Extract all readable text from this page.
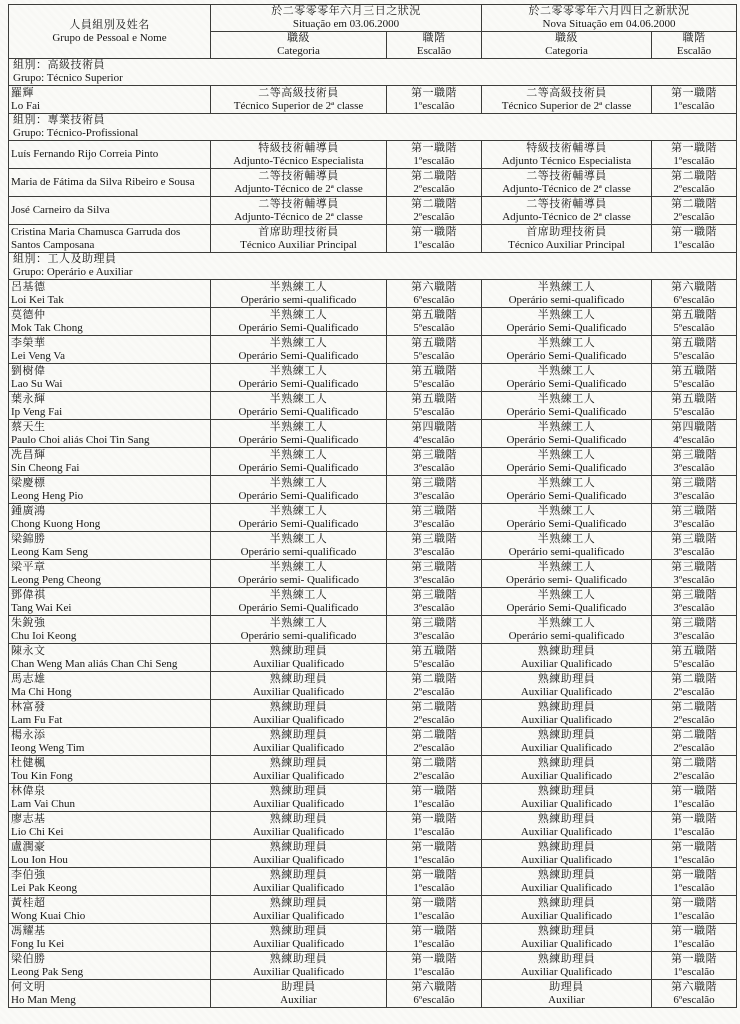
人員組別及姓名
Grupo de Pessoal e Nome	於二零零零年六月三日之狀況
Situação em 03.06.2000		於二零零零年六月四日之新狀況
Nova Situação em 04.06.2000	

	職級
Categoria	職階
Escalão	職級
Categoria	職階
Escalão

組別：高級技術員
Grupo: Técnico Superior				

羅輝
Lo Fai	二等高級技術員
Técnico Superior de 2ª classe	第一職階
1ºescalão	二等高級技術員
Técnico Superior de 2ª classe	第一職階
1ºescalão

組別：專業技術員
Grupo: Técnico-Profissional				

Luís Fernando Rijo Correia Pinto	特級技術輔導員
Adjunto-Técnico Especialista	第一職階
1ºescalão	特級技術輔導員
Adjunto Técnico Especialista	第一職階
1ºescalão

Maria de Fátima da Silva Ribeiro e Sousa	二等技術輔導員
Adjunto-Técnico de 2ª classe	第二職階
2ºescalão	二等技術輔導員
Adjunto-Técnico de 2ª classe	第二職階
2ºescalão

José Carneiro da Silva	二等技術輔導員
Adjunto-Técnico de 2ª classe	第二職階
2ºescalão	二等技術輔導員
Adjunto-Técnico de 2ª classe	第二職階
2ºescalão

Cristina Maria Chamusca Garruda dos Santos Camposana	首席助理技術員
Técnico Auxiliar Principal	第一職階
1ºescalão	首席助理技術員
Técnico Auxiliar Principal	第一職階
1ºescalão

組別：工人及助理員
Grupo: Operário e Auxiliar				

呂基德
Loi Kei Tak	半熟練工人
Operário semi-qualificado	第六職階
6ºescalão	半熟練工人
Operário semi-qualificado	第六職階
6ºescalão

莫德仲
Mok Tak Chong	半熟練工人
Operário Semi-Qualificado	第五職階
5ºescalão	半熟練工人
Operário Semi-Qualificado	第五職階
5ºescalão

李榮華
Lei Veng Va	半熟練工人
Operário Semi-Qualificado	第五職階
5ºescalão	半熟練工人
Operário Semi-Qualificado	第五職階
5ºescalão

劉樹偉
Lao Su Wai	半熟練工人
Operário Semi-Qualificado	第五職階
5ºescalão	半熟練工人
Operário Semi-Qualificado	第五職階
5ºescalão

葉永輝
Ip Veng Fai	半熟練工人
Operário Semi-Qualificado	第五職階
5ºescalão	半熟練工人
Operário Semi-Qualificado	第五職階
5ºescalão

蔡天生
Paulo Choi aliás Choi Tin Sang	半熟練工人
Operário Semi-Qualificado	第四職階
4ºescalão	半熟練工人
Operário Semi-Qualificado	第四職階
4ºescalão

冼昌輝
Sin Cheong Fai	半熟練工人
Operário Semi-Qualificado	第三職階
3ºescalão	半熟練工人
Operário Semi-Qualificado	第三職階
3ºescalão

梁慶標
Leong Heng Pio	半熟練工人
Operário Semi-Qualificado	第三職階
3ºescalão	半熟練工人
Operário Semi-Qualificado	第三職階
3ºescalão

鍾廣鴻
Chong Kuong Hong	半熟練工人
Operário Semi-Qualificado	第三職階
3ºescalão	半熟練工人
Operário Semi-Qualificado	第三職階
3ºescalão

梁錦勝
Leong Kam Seng	半熟練工人
Operário semi-qualificado	第三職階
3ºescalão	半熟練工人
Operário semi-qualificado	第三職階
3ºescalão

梁平章
Leong Peng Cheong	半熟練工人
Operário semi- Qualificado	第三職階
3ºescalão	半熟練工人
Operário semi- Qualificado	第三職階
3ºescalão

鄧偉祺
Tang Wai Kei	半熟練工人
Operário Semi-Qualificado	第三職階
3ºescalão	半熟練工人
Operário Semi-Qualificado	第三職階
3ºescalão

朱銳強
Chu Ioi Keong	半熟練工人
Operário semi-qualificado	第三職階
3ºescalão	半熟練工人
Operário semi-qualificado	第三職階
3ºescalão

陳永文
Chan Weng Man aliás Chan Chi Seng	熟練助理員
Auxiliar Qualificado	第五職階
5ºescalão	熟練助理員
Auxiliar Qualificado	第五職階
5ºescalão

馬志雄
Ma Chi Hong	熟練助理員
Auxiliar Qualificado	第二職階
2ºescalão	熟練助理員
Auxiliar Qualificado	第二職階
2ºescalão

林富發
Lam Fu Fat	熟練助理員
Auxiliar Qualificado	第二職階
2ºescalão	熟練助理員
Auxiliar Qualificado	第二職階
2ºescalão

楊永添
Ieong Weng Tim	熟練助理員
Auxiliar Qualificado	第二職階
2ºescalão	熟練助理員
Auxiliar Qualificado	第二職階
2ºescalão

杜健楓
Tou Kin Fong	熟練助理員
Auxiliar Qualificado	第二職階
2ºescalão	熟練助理員
Auxiliar Qualificado	第二職階
2ºescalão

林偉泉
Lam Vai Chun	熟練助理員
Auxiliar Qualificado	第一職階
1ºescalão	熟練助理員
Auxiliar Qualificado	第一職階
1ºescalão

廖志基
Lio Chi Kei	熟練助理員
Auxiliar Qualificado	第一職階
1ºescalão	熟練助理員
Auxiliar Qualificado	第一職階
1ºescalão

盧潤豪
Lou Ion Hou	熟練助理員
Auxiliar Qualificado	第一職階
1ºescalão	熟練助理員
Auxiliar Qualificado	第一職階
1ºescalão

李伯強
Lei Pak Keong	熟練助理員
Auxiliar Qualificado	第一職階
1ºescalão	熟練助理員
Auxiliar Qualificado	第一職階
1ºescalão

黃桂超
Wong Kuai Chio	熟練助理員
Auxiliar Qualificado	第一職階
1ºescalão	熟練助理員
Auxiliar Qualificado	第一職階
1ºescalão

馮耀基
Fong Iu Kei	熟練助理員
Auxiliar Qualificado	第一職階
1ºescalão	熟練助理員
Auxiliar Qualificado	第一職階
1ºescalão

梁伯勝
Leong Pak Seng	熟練助理員
Auxiliar Qualificado	第一職階
1ºescalão	熟練助理員
Auxiliar Qualificado	第一職階
1ºescalão

何文明
Ho Man Meng	助理員
Auxiliar	第六職階
6ºescalão	助理員
Auxiliar	第六職階
6ºescalão
